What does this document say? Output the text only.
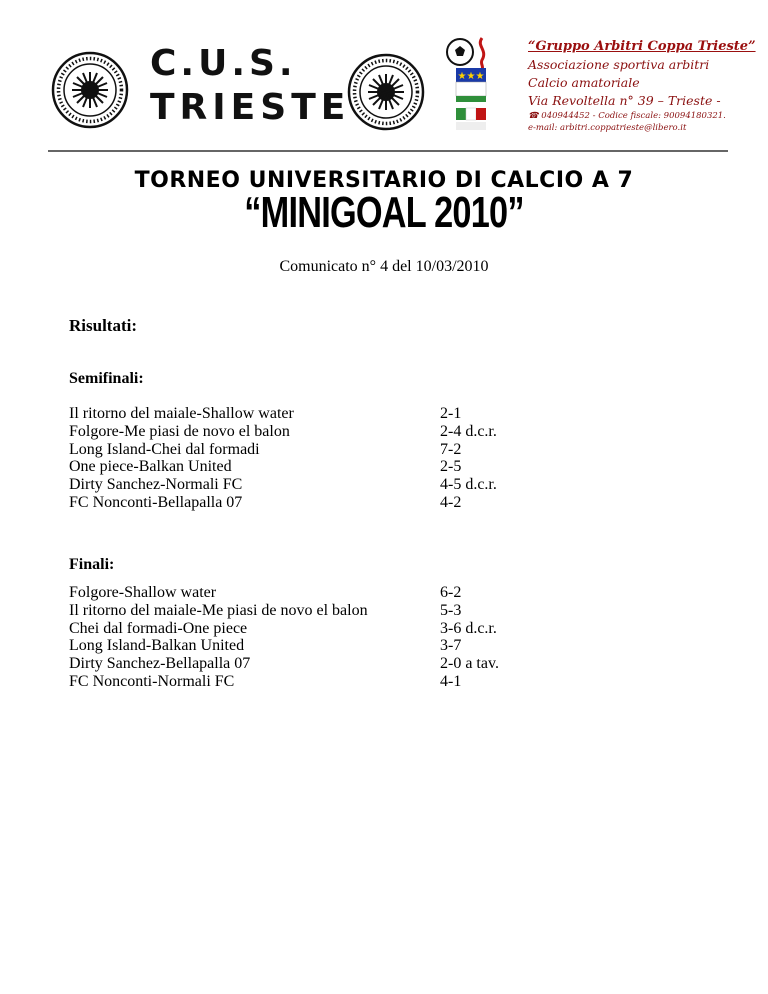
C.U.S.
TRIESTE
★★★
“Gruppo Arbitri Coppa Trieste”
Associazione sportiva arbitri
Calcio amatoriale
Via Revoltella n° 39 – Trieste -
☎ 040944452 - Codice fiscale: 90094180321.
e-mail: arbitri.coppatrieste@libero.it
TORNEO UNIVERSITARIO DI CALCIO A 7
“MINIGOAL 2010”
Comunicato n° 4 del 10/03/2010
Risultati:
Semifinali:
Il ritorno del maiale-Shallow water	2-1
Folgore-Me piasi de novo el balon	2-4 d.c.r.
Long Island-Chei dal formadi	7-2
One piece-Balkan United	2-5
Dirty Sanchez-Normali FC	4-5 d.c.r.
FC Nonconti-Bellapalla 07	4-2
Finali:
Folgore-Shallow water	6-2
Il ritorno del maiale-Me piasi de novo el balon	5-3
Chei dal formadi-One piece	3-6 d.c.r.
Long Island-Balkan United	3-7
Dirty Sanchez-Bellapalla 07	2-0 a tav.
FC Nonconti-Normali FC	4-1
